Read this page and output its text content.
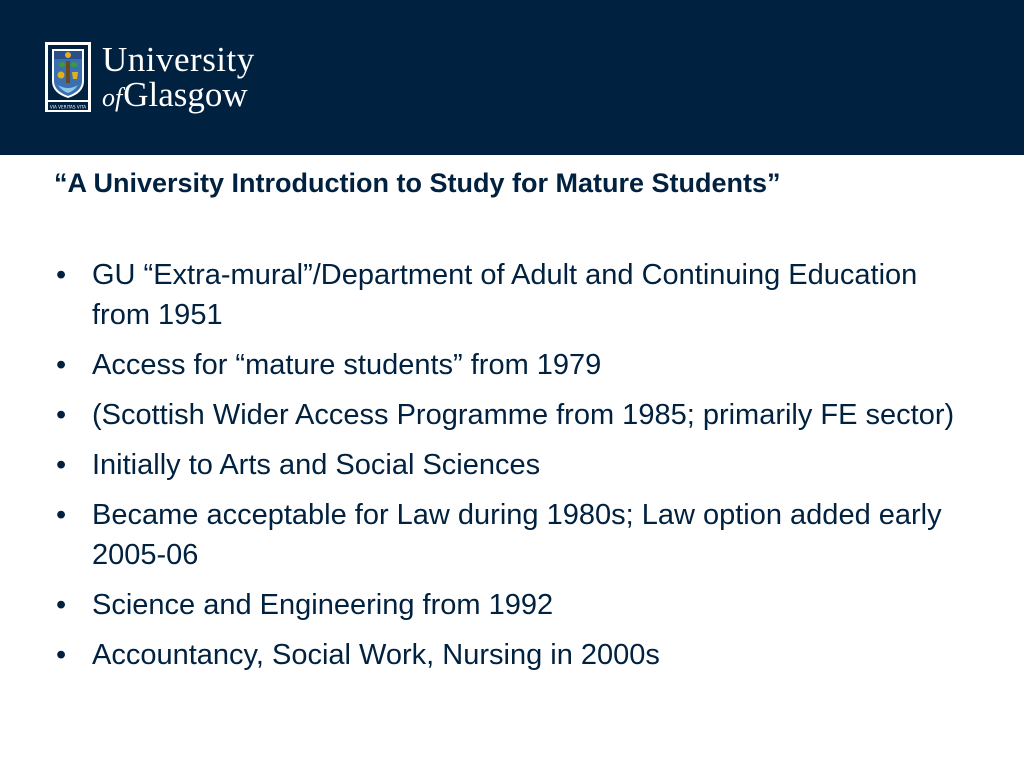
VIA VERITAS VITA
University
ofGlasgow
“A University Introduction to Study for Mature Students”
• GU “Extra-mural”/Department of Adult and Continuing Education from 1951
• Access for “mature students” from 1979
• (Scottish Wider Access Programme from 1985; primarily FE sector)
• Initially to Arts and Social Sciences
• Became acceptable for Law during 1980s; Law option added early 2005-06
• Science and Engineering from 1992
• Accountancy, Social Work, Nursing in 2000s
